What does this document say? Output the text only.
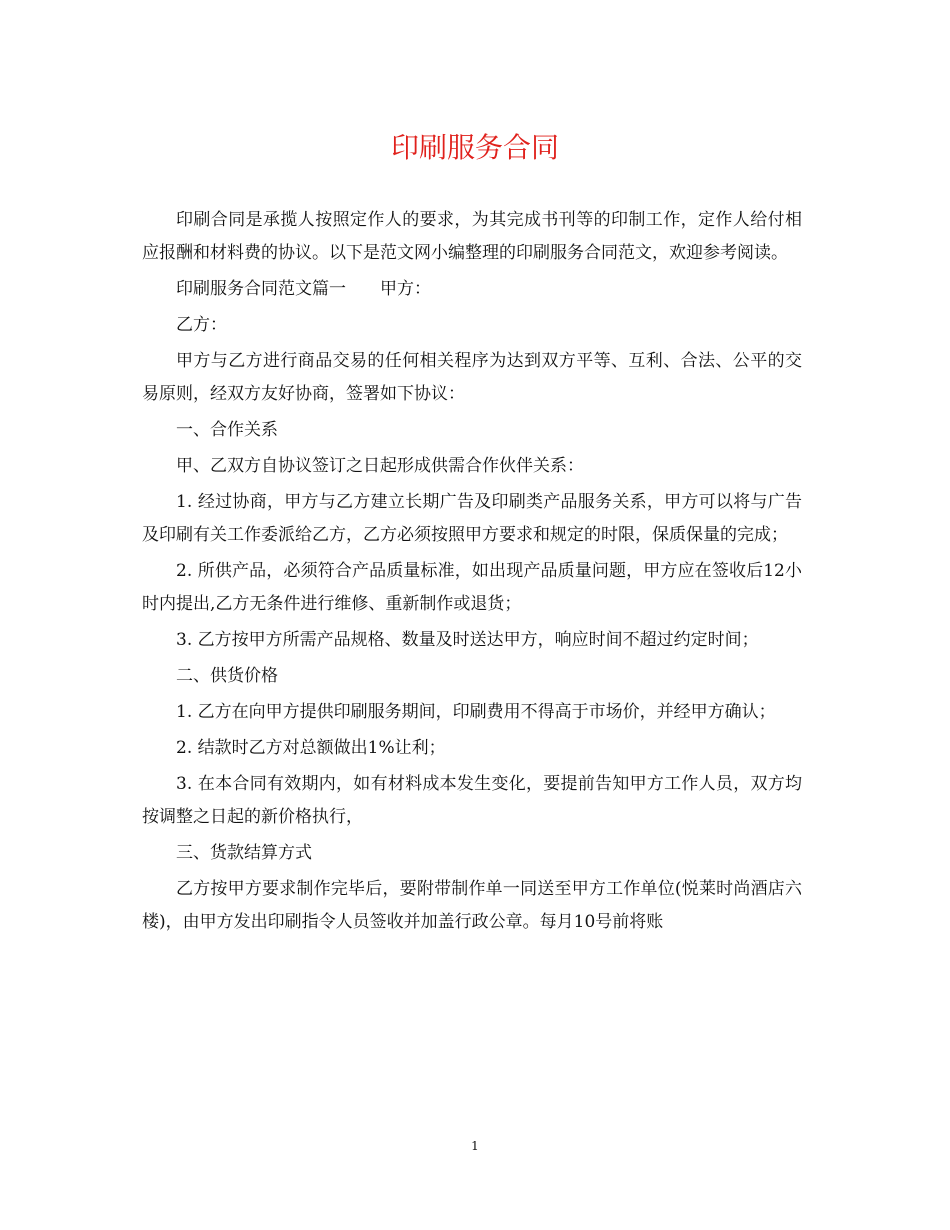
印刷服务合同

印刷合同是承揽人按照定作人的要求，为其完成书刊等的印制工作，定作人给付相应报酬和材料费的协议。以下是范文网小编整理的印刷服务合同范文，欢迎参考阅读。

印刷服务合同范文篇一　　甲方：

乙方：

甲方与乙方进行商品交易的任何相关程序为达到双方平等、互利、合法、公平的交易原则，经双方友好协商，签署如下协议：

一、合作关系

甲、乙双方自协议签订之日起形成供需合作伙伴关系：

1. 经过协商，甲方与乙方建立长期广告及印刷类产品服务关系，甲方可以将与广告及印刷有关工作委派给乙方，乙方必须按照甲方要求和规定的时限，保质保量的完成；

2. 所供产品，必须符合产品质量标准，如出现产品质量问题，甲方应在签收后12小时内提出,乙方无条件进行维修、重新制作或退货；

3. 乙方按甲方所需产品规格、数量及时送达甲方，响应时间不超过约定时间；

二、供货价格

1. 乙方在向甲方提供印刷服务期间，印刷费用不得高于市场价，并经甲方确认；

2. 结款时乙方对总额做出1%让利；

3. 在本合同有效期内，如有材料成本发生变化，要提前告知甲方工作人员，双方均按调整之日起的新价格执行，

三、货款结算方式

乙方按甲方要求制作完毕后，要附带制作单一同送至甲方工作单位(悦莱时尚酒店六楼)，由甲方发出印刷指令人员签收并加盖行政公章。每月10号前将账

1
